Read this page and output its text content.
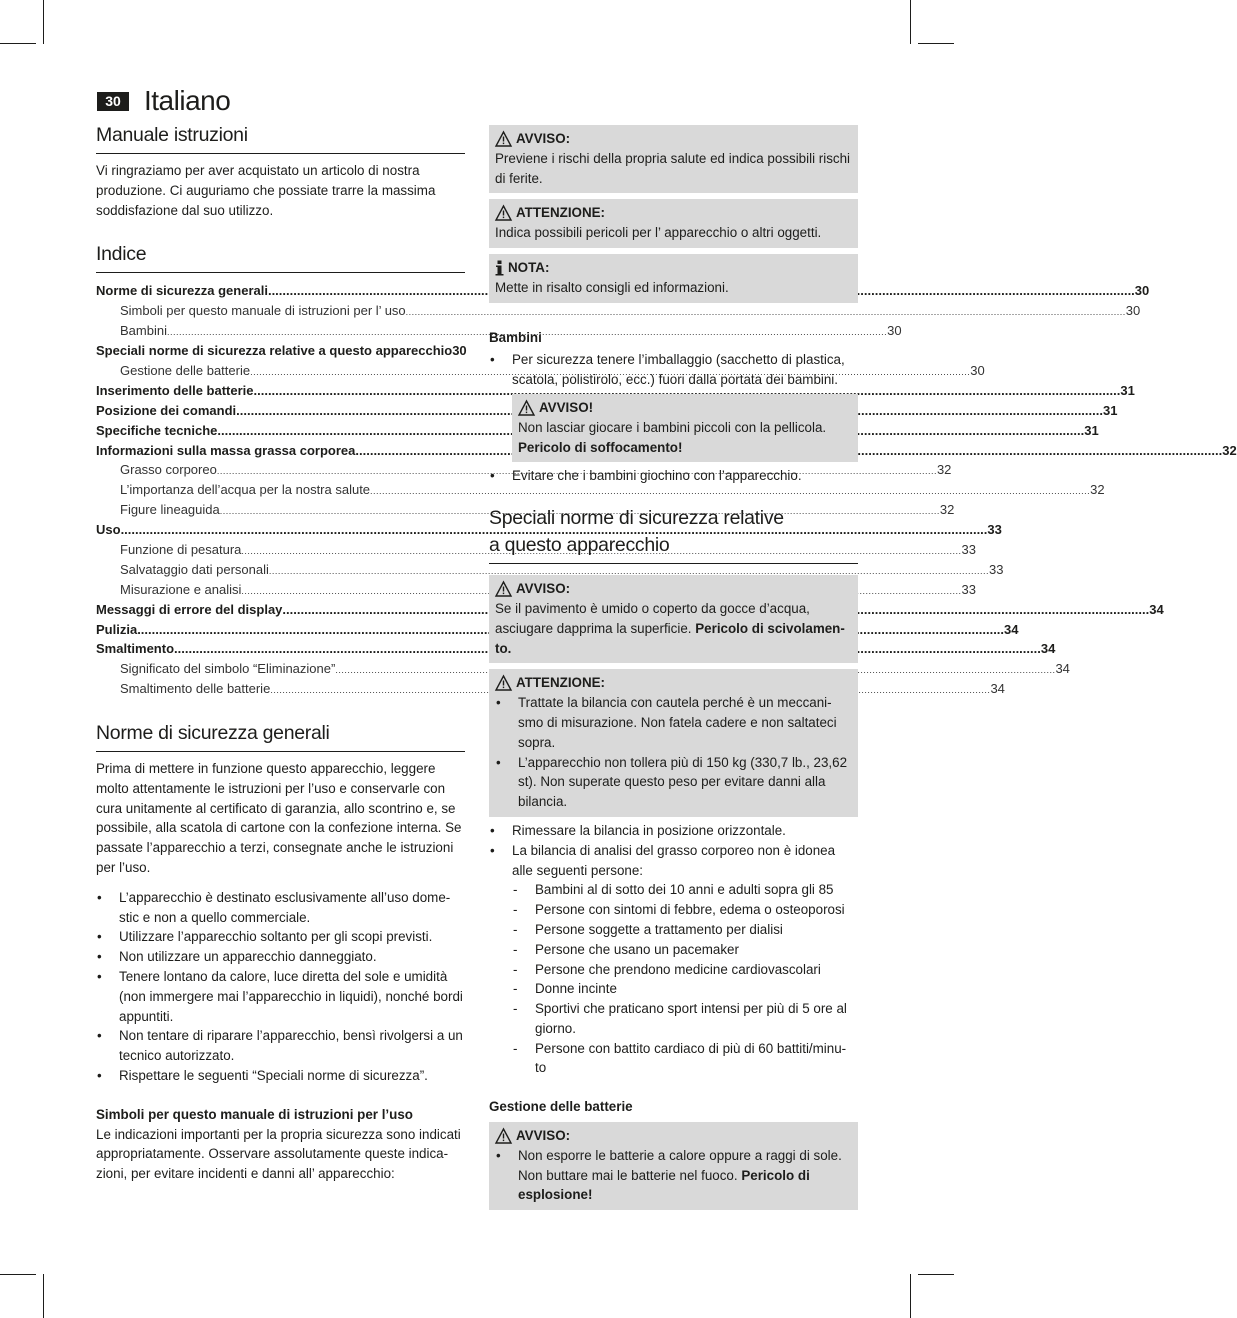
30 Italiano
Manuale istruzioni

Vi ringraziamo per aver acquistato un articolo di nostra produzione. Ci auguriamo che possiate trarre la massima soddisfazione dal suo utilizzo.

Indice
Norme di sicurezza generali .....	30
Simboli per questo manuale di istruzioni per l’ uso .....	30
Bambini .....	30
Speciali norme di sicurezza relative a questo apparecchio 30
Gestione delle batterie .....	30
Inserimento delle batterie .....	31
Posizione dei comandi .....	31
Specifiche tecniche .....	31
Informazioni sulla massa grassa corporea .....	32
Grasso corporeo .....	32
L’importanza dell’acqua per la nostra salute .....	32
Figure lineaguida .....	32
Uso .....	33
Funzione di pesatura .....	33
Salvataggio dati personali .....	33
Misurazione e analisi .....	33
Messaggi di errore del display .....	34
Pulizia .....	34
Smaltimento .....	34
Significato del simbolo “Eliminazione” .....	34
Smaltimento delle batterie .....	34
Norme di sicurezza generali

Prima di mettere in funzione questo apparecchio, leggere molto attentamente le istruzioni per l’uso e conservarle con cura unitamente al certificato di garanzia, allo scontrino e, se possibile, alla scatola di cartone con la confezione interna. Se passate l’apparecchio a terzi, consegnate anche le istruzioni per l’uso.

• L’apparecchio è destinato esclusivamente all’uso dome- stic e non a quello commerciale.
• Utilizzare l’apparecchio soltanto per gli scopi previsti.
• Non utilizzare un apparecchio danneggiato.
• Tenere lontano da calore, luce diretta del sole e umidità (non immergere mai l’apparecchio in liquidi), nonché bordi appuntiti.
• Non tentare di riparare l’apparecchio, bensì rivolgersi a un tecnico autorizzato.
• Rispettare le seguenti “Speciali norme di sicurezza”.

Simboli per questo manuale di istruzioni per l’uso

Le indicazioni importanti per la propria sicurezza sono indicati appropriatamente. Osservare assolutamente queste indica- zioni, per evitare incidenti e danni all’ apparecchio:

AVVISO:

Previene i rischi della propria salute ed indica possibili rischi di ferite.

ATTENZIONE:

Indica possibili pericoli per l’ apparecchio o altri oggetti.

NOTA:

Mette in risalto consigli ed informazioni.

Bambini

• Per sicurezza tenere l’imballaggio (sacchetto di plastica, scatola, polistirolo, ecc.) fuori dalla portata dei bambini.
AVVISO!

Non lasciar giocare i bambini piccoli con la pellicola.

Pericolo di soffocamento!

• Evitare che i bambini giochino con l’apparecchio.
Speciali norme di sicurezza relative
a questo apparecchio
AVVISO:

Se il pavimento è umido o coperto da gocce d’acqua, asciugare dapprima la superficie. Pericolo di scivolamen- to.

ATTENZIONE:
• Trattate la bilancia con cautela perché è un meccani- smo di misurazione. Non fatela cadere e non saltateci sopra.
• L’apparecchio non tollera più di 150 kg (330,7 lb., 23,62 st). Non superate questo peso per evitare danni alla bilancia.
• Rimessare la bilancia in posizione orizzontale.
• La bilancia di analisi del grasso corporeo non è idonea alle seguenti persone:
- Bambini al di sotto dei 10 anni e adulti sopra gli 85
- Persone con sintomi di febbre, edema o osteoporosi
- Persone soggette a trattamento per dialisi
- Persone che usano un pacemaker
- Persone che prendono medicine cardiovascolari
- Donne incinte
- Sportivi che praticano sport intensi per più di 5 ore al giorno.
- Persone con battito cardiaco di più di 60 battiti/minu- to

Gestione delle batterie

AVVISO:
• Non esporre le batterie a calore oppure a raggi di sole. Non buttare mai le batterie nel fuoco. Pericolo di esplosione!
